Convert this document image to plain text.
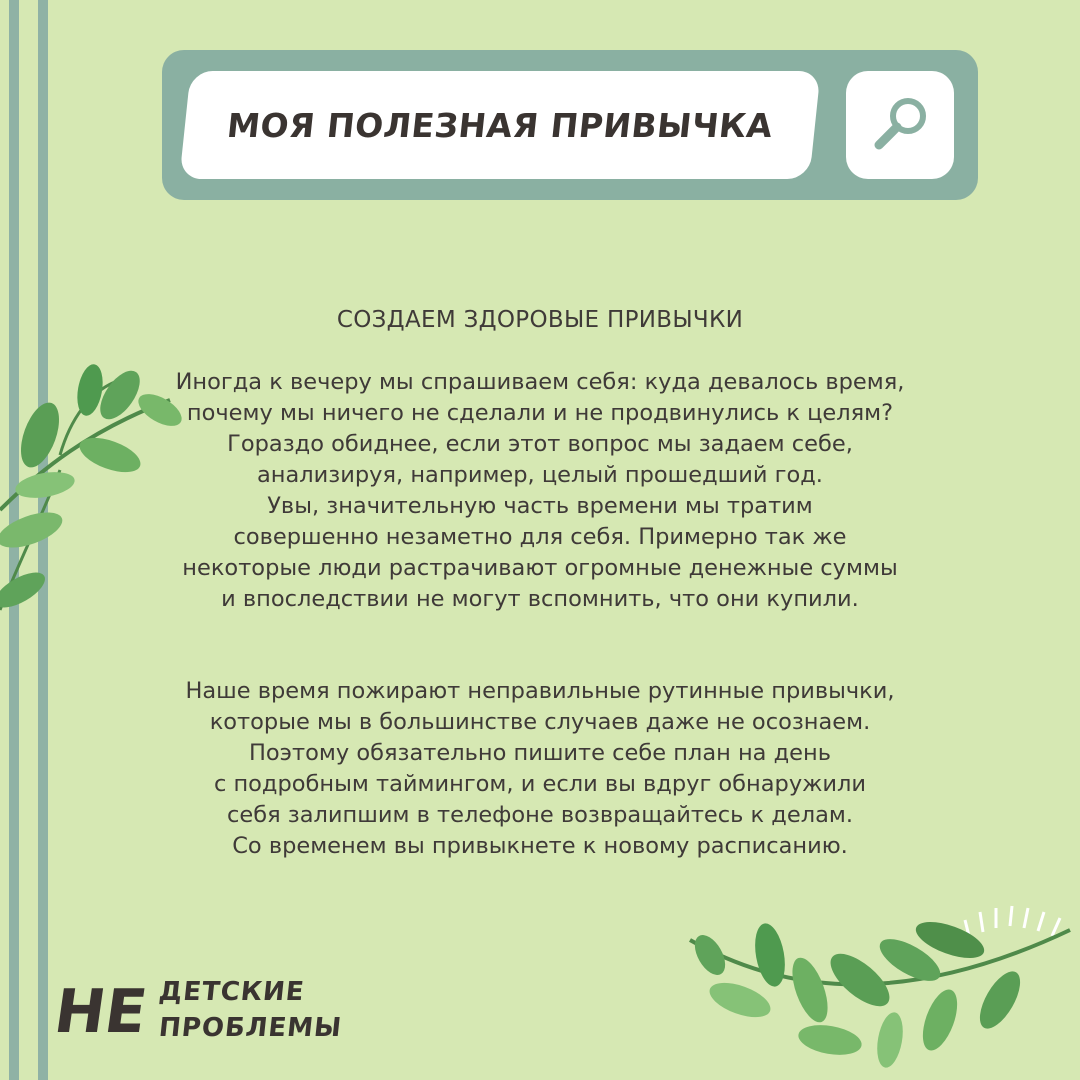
МОЯ ПОЛЕЗНАЯ ПРИВЫЧКА

СОЗДАЕМ ЗДОРОВЫЕ ПРИВЫЧКИ

Иногда к вечеру мы спрашиваем себя: куда девалось время,
почему мы ничего не сделали и не продвинулись к целям?
Гораздо обиднее, если этот вопрос мы задаем себе,
анализируя, например, целый прошедший год.
Увы, значительную часть времени мы тратим
совершенно незаметно для себя. Примерно так же
некоторые люди растрачивают огромные денежные суммы
и впоследствии не могут вспомнить, что они купили.

Наше время пожирают неправильные рутинные привычки,
которые мы в большинстве случаев даже не осознаем.
Поэтому обязательно пишите себе план на день
с подробным таймингом, и если вы вдруг обнаружили
себя залипшим в телефоне возвращайтесь к делам.
Со временем вы привыкнете к новому расписанию.

НЕ ДЕТСКИЕ
ПРОБЛЕМЫ
